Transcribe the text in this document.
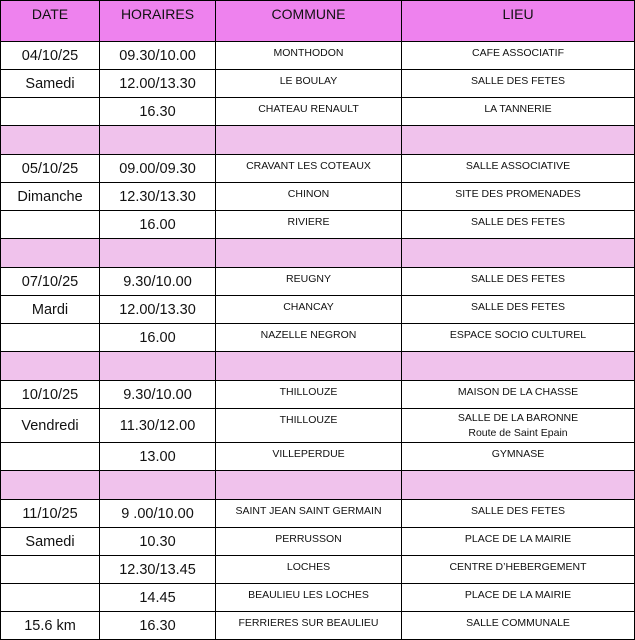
DATE	HORAIRES	COMMUNE	LIEU
04/10/25	09.30/10.00	MONTHODON	CAFE ASSOCIATIF
Samedi	12.00/13.30	LE BOULAY	SALLE DES FETES
	16.30	CHATEAU RENAULT	LA TANNERIE

05/10/25	09.00/09.30	CRAVANT LES COTEAUX	SALLE ASSOCIATIVE
Dimanche	12.30/13.30	CHINON	SITE DES PROMENADES
	16.00	RIVIERE	SALLE DES FETES

07/10/25	9.30/10.00	REUGNY	SALLE DES FETES
Mardi	12.00/13.30	CHANCAY	SALLE DES FETES
	16.00	NAZELLE NEGRON	ESPACE SOCIO CULTUREL

10/10/25	9.30/10.00	THILLOUZE	MAISON DE LA CHASSE
Vendredi	11.30/12.00	THILLOUZE	SALLE DE LA BARONNE
Route de Saint Epain

	13.00	VILLEPERDUE	GYMNASE

11/10/25	9 .00/10.00	SAINT JEAN SAINT GERMAIN	SALLE DES FETES
Samedi	10.30	PERRUSSON	PLACE DE LA MAIRIE
	12.30/13.45	LOCHES	CENTRE D’HEBERGEMENT
	14.45	BEAULIEU LES LOCHES	PLACE DE LA MAIRIE
15.6 km	16.30	FERRIERES SUR BEAULIEU	SALLE COMMUNALE
